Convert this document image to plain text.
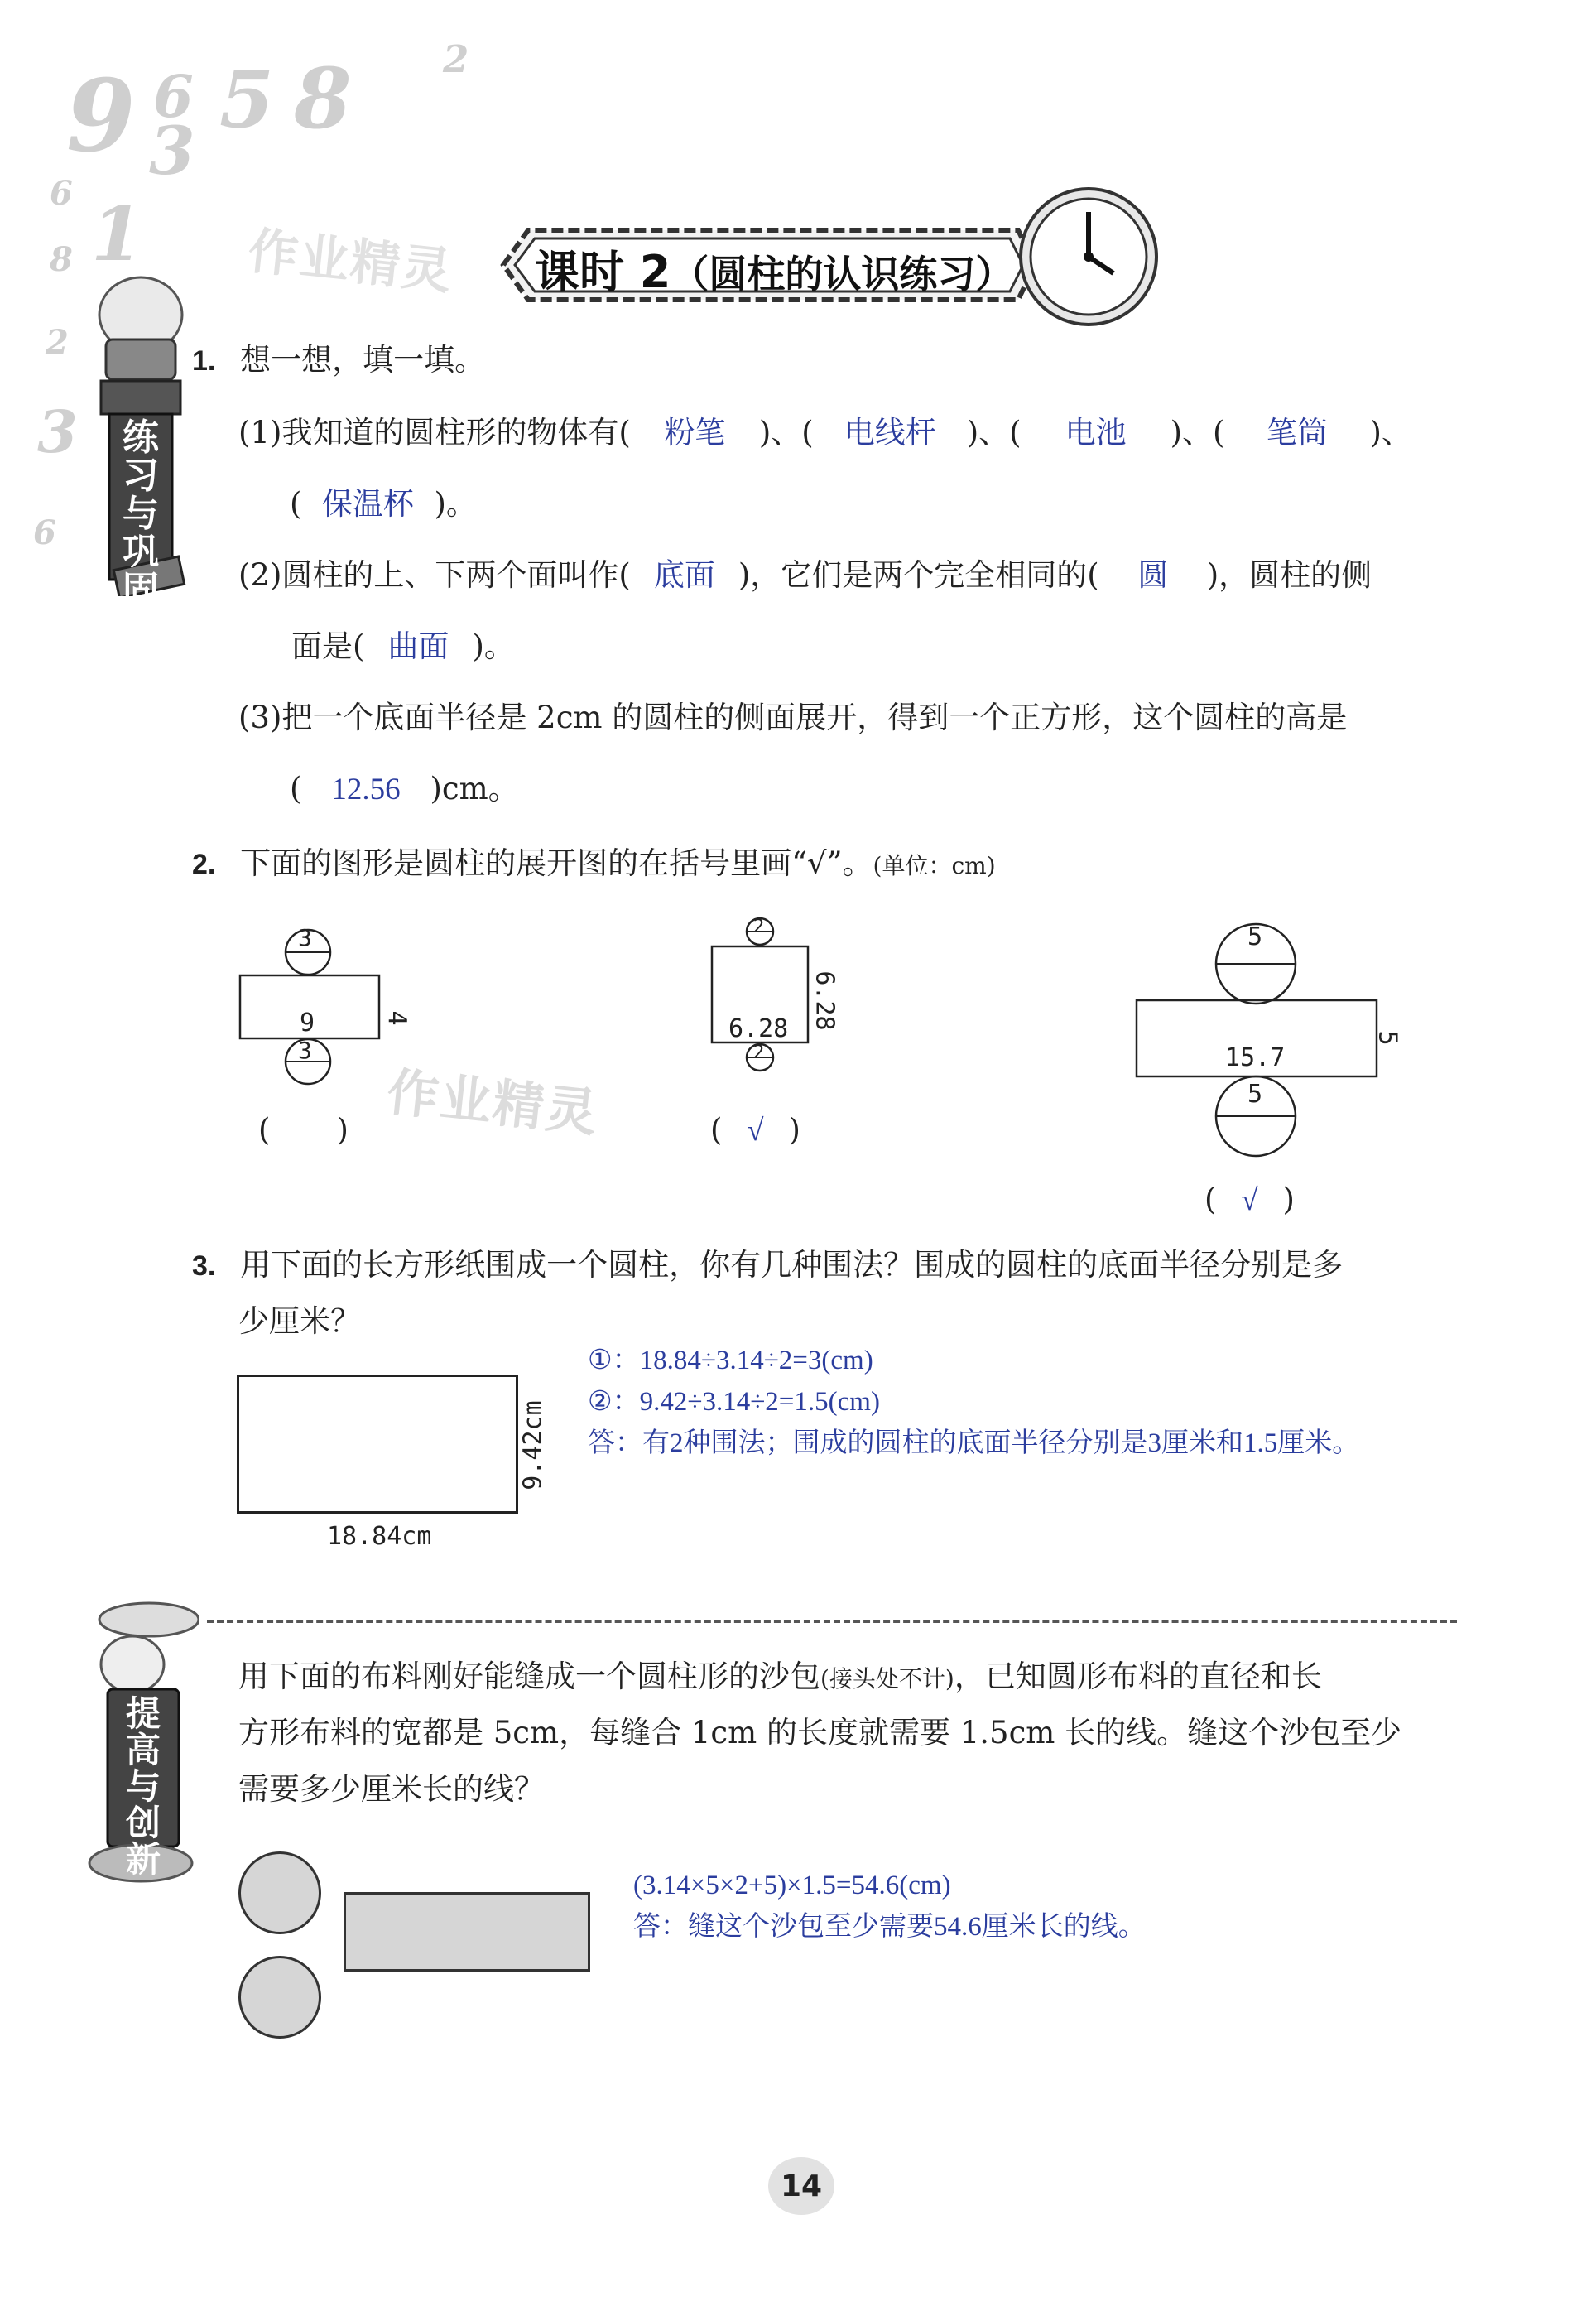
9 6 5 8
3
1
6
8
2
3
6
2
作业精灵 课时 2（圆柱的认识练习）
练习与巩固
1. 想一想，填一填。
(1)我知道的圆柱形的物体有( 粉笔 )、( 电线杆 )、( 电池 )、( 笔筒 )、
( 保温杯 )。
(2)圆柱的上、下两个面叫作( 底面 )，它们是两个完全相同的( 圆 )，圆柱的侧
面是( 曲面 )。
(3)把一个底面半径是 2cm 的圆柱的侧面展开，得到一个正方形，这个圆柱的高是
( 12.56 )cm。
2. 下面的图形是圆柱的展开图的在括号里画“√”。(单位：cm)
3
9	4
3
( ) 作业精灵
2
6.28 6.28
2
( √ )
5
15.7
5
5
( √ )
3. 用下面的长方形纸围成一个圆柱，你有几种围法？围成的圆柱的底面半径分别是多
少厘米？
9.42cm
18.84cm
①：18.84÷3.14÷2=3(cm)
②：9.42÷3.14÷2=1.5(cm)
答：有2种围法；围成的圆柱的底面半径分别是3厘米和1.5厘米。
提高与创新
用下面的布料刚好能缝成一个圆柱形的沙包(接头处不计)，已知圆形布料的直径和长
方形布料的宽都是 5cm，每缝合 1cm 的长度就需要 1.5cm 长的线。缝这个沙包至少
需要多少厘米长的线？
(3.14×5×2+5)×1.5=54.6(cm)
答：缝这个沙包至少需要54.6厘米长的线。
14
